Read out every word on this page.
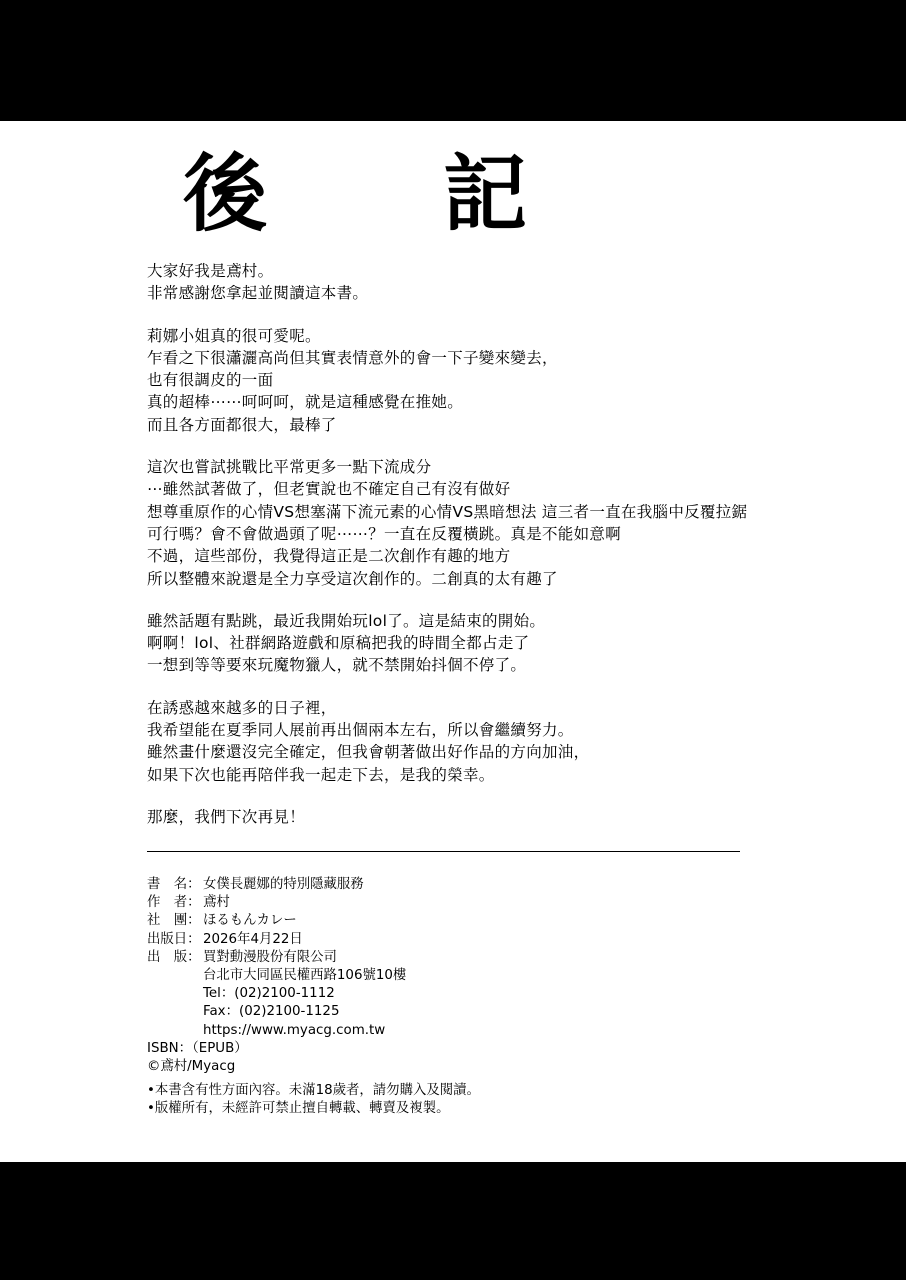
後 記
大家好我是鳶村。
非常感謝您拿起並閱讀這本書。
莉娜小姐真的很可愛呢。
乍看之下很瀟灑高尚但其實表情意外的會一下子變來變去，
也有很調皮的一面
真的超棒⋯⋯呵呵呵，就是這種感覺在推她。
而且各方面都很大，最棒了
這次也嘗試挑戰比平常更多一點下流成分
⋯雖然試著做了，但老實說也不確定自己有沒有做好
想尊重原作的心情VS想塞滿下流元素的心情VS黑暗想法 這三者一直在我腦中反覆拉鋸
可行嗎？會不會做過頭了呢⋯⋯？一直在反覆橫跳。真是不能如意啊
不過，這些部份，我覺得這正是二次創作有趣的地方
所以整體來說還是全力享受這次創作的。二創真的太有趣了
雖然話題有點跳，最近我開始玩lol了。這是結束的開始。
啊啊！lol、社群網路遊戲和原稿把我的時間全都占走了
一想到等等要來玩魔物獵人，就不禁開始抖個不停了。
在誘惑越來越多的日子裡，
我希望能在夏季同人展前再出個兩本左右，所以會繼續努力。
雖然畫什麼還沒完全確定，但我會朝著做出好作品的方向加油，
如果下次也能再陪伴我一起走下去，是我的榮幸。
那麼，我們下次再見！
書　名： 女僕長麗娜的特別隱藏服務
作　者： 鳶村
社　團： ほるもんカレー
出版日： 2026年4月22日
出　版： 買對動漫股份有限公司
台北市大同區民權西路106號10樓
Tel：(02)2100-1112
Fax：(02)2100-1125
https://www.myacg.com.tw
ISBN：（EPUB）
©鳶村/Myacg
•本書含有性方面內容。未滿18歲者，請勿購入及閱讀。
•版權所有，未經許可禁止擅自轉載、轉賣及複製。
